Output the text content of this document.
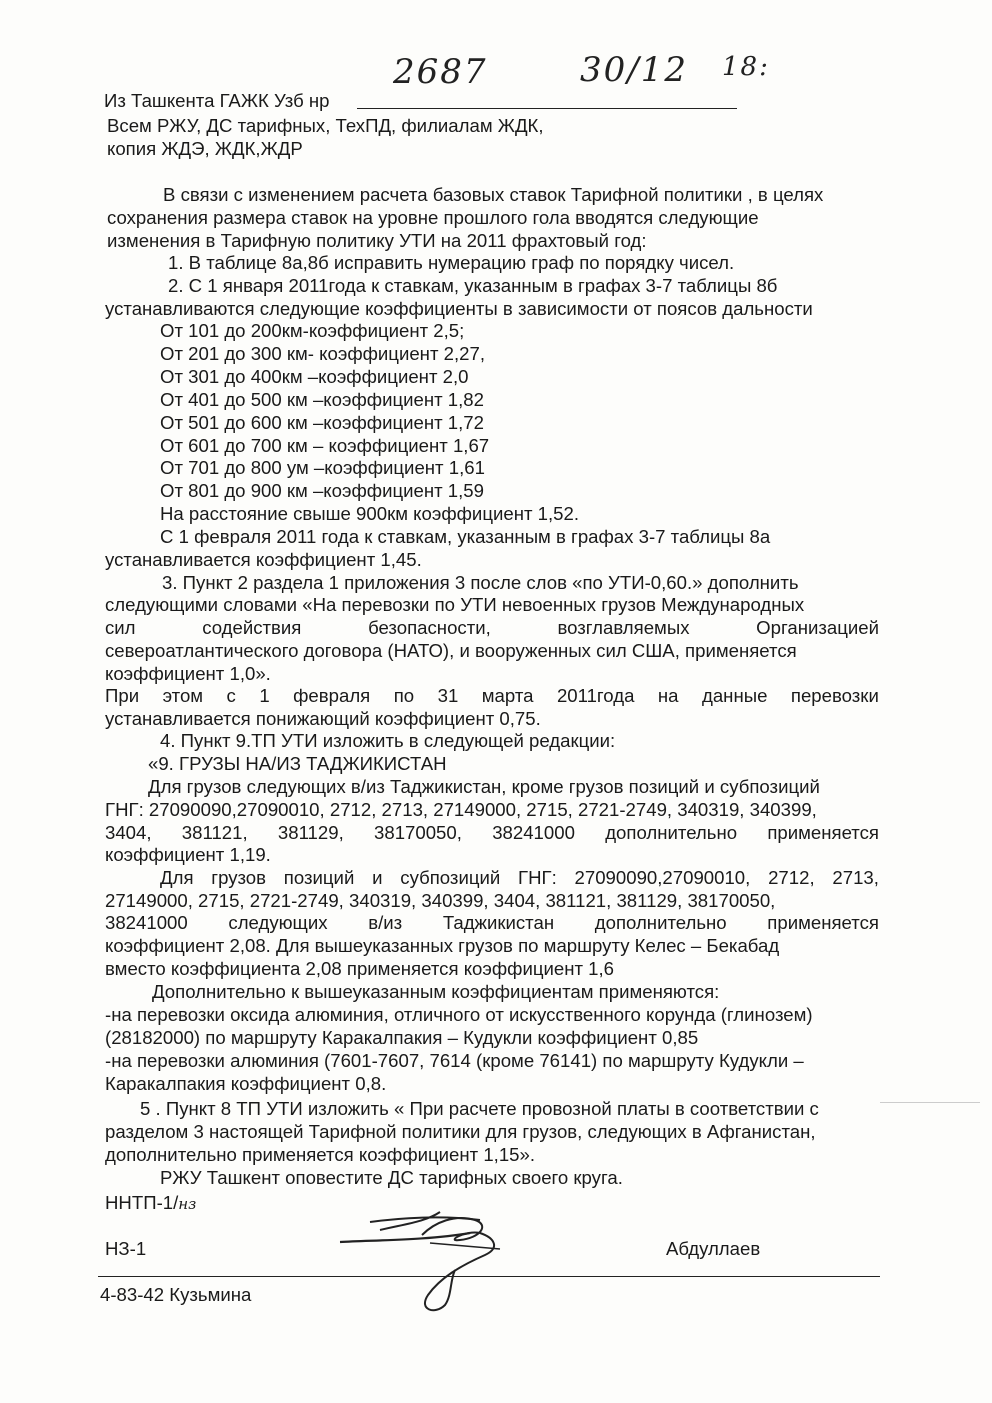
Из Ташкента ГАЖК Узб нр
2687	30/12 18:
Всем РЖУ, ДС тарифных, ТехПД, филиалам ЖДК,
копия ЖДЭ, ЖДК,ЖДР
В связи с изменением расчета базовых ставок Тарифной политики , в целях
сохранения размера ставок на уровне прошлого гола вводятся следующие
изменения в Тарифную политику УТИ на 2011 фрахтовый год:
1. В таблице 8а,8б исправить нумерацию граф по порядку чисел.
2. С 1 января 2011года к ставкам, указанным в графах 3-7 таблицы 8б
устанавливаются следующие коэффициенты в зависимости от поясов дальности
От 101 до 200км-коэффициент 2,5;
От 201 до 300 км- коэффициент 2,27,
От 301 до 400км –коэффициент 2,0
От 401 до 500 км –коэффициент 1,82
От 501 до 600 км –коэффициент 1,72
От 601 до 700 км – коэффициент 1,67
От 701 до 800 ум –коэффициент 1,61
От 801 до 900 км –коэффициент 1,59
На расстояние свыше 900км коэффициент 1,52.
С 1 февраля 2011 года к ставкам, указанным в графах 3-7 таблицы 8а
устанавливается коэффициент 1,45.
3. Пункт 2 раздела 1 приложения 3 после слов «по УТИ-0,60.» дополнить
следующими словами «На перевозки по УТИ невоенных грузов Международных
сил	содействия	безопасности,	возглавляемых	Организацией
североатлантического договора (НАТО), и вооруженных сил США, применяется
коэффициент 1,0».
При этом с 1 февраля по 31 марта 2011года на данные перевозки
устанавливается понижающий коэффициент 0,75.
4. Пункт 9.ТП УТИ изложить в следующей редакции:
«9. ГРУЗЫ НА/ИЗ ТАДЖИКИСТАН
Для грузов следующих в/из Таджикистан, кроме грузов позиций и субпозиций
ГНГ: 27090090,27090010, 2712, 2713, 27149000, 2715, 2721-2749, 340319, 340399,
3404, 381121, 381129, 38170050, 38241000 дополнительно применяется
коэффициент 1,19.
Для грузов позиций и субпозиций ГНГ: 27090090,27090010, 2712, 2713,
27149000, 2715, 2721-2749, 340319, 340399, 3404, 381121, 381129, 38170050,
38241000 следующих в/из Таджикистан дополнительно применяется
коэффициент 2,08. Для вышеуказанных грузов по маршруту Келес – Бекабад
вместо коэффициента 2,08 применяется коэффициент 1,6
Дополнительно к вышеуказанным коэффициентам применяются:
-на перевозки оксида алюминия, отличного от искусственного корунда (глинозем)
(28182000) по маршруту Каракалпакия – Кудукли коэффициент 0,85
-на перевозки алюминия (7601-7607, 7614 (кроме 76141) по маршруту Кудукли –
Каракалпакия коэффициент 0,8.
5 . Пункт 8 ТП УТИ изложить « При расчете провозной платы в соответствии с
разделом 3 настоящей Тарифной политики для грузов, следующих в Афганистан,
дополнительно применяется коэффициент 1,15».
РЖУ Ташкент оповестите ДС тарифных своего круга.
ННТП-1/нз
НЗ-1	Абдуллаев
4-83-42 Кузьмина
